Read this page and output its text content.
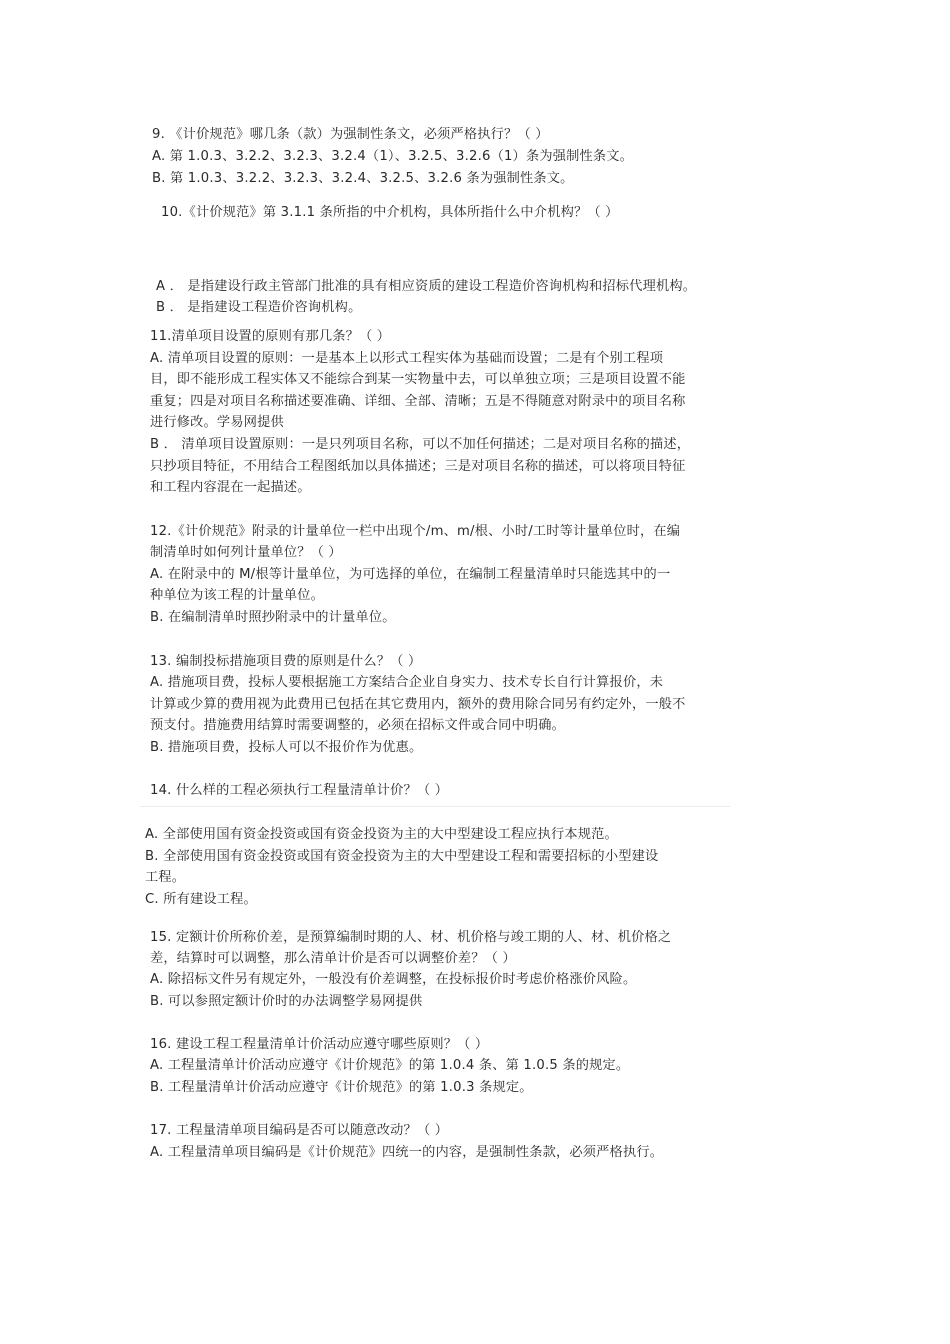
9. 《计价规范》哪几条（款）为强制性条文，必须严格执行？（ ）
A. 第 1.0.3、3.2.2、3.2.3、3.2.4（1）、3.2.5、3.2.6（1）条为强制性条文。
B. 第 1.0.3、3.2.2、3.2.3、3.2.4、3.2.5、3.2.6 条为强制性条文。
10.《计价规范》第 3.1.1 条所指的中介机构，具体所指什么中介机构？（ ）
A ． 是指建设行政主管部门批准的具有相应资质的建设工程造价咨询机构和招标代理机构。
B ． 是指建设工程造价咨询机构。
11.清单项目设置的原则有那几条？（ ）
A. 清单项目设置的原则：一是基本上以形式工程实体为基础而设置；二是有个别工程项
目，即不能形成工程实体又不能综合到某一实物量中去，可以单独立项；三是项目设置不能
重复；四是对项目名称描述要准确、详细、全部、清晰；五是不得随意对附录中的项目名称
进行修改。学易网提供
B ． 清单项目设置原则：一是只列项目名称，可以不加任何描述；二是对项目名称的描述，
只抄项目特征，不用结合工程图纸加以具体描述；三是对项目名称的描述，可以将项目特征
和工程内容混在一起描述。
12.《计价规范》附录的计量单位一栏中出现个/m、m/根、小时/工时等计量单位时，在编
制清单时如何列计量单位？（ ）
A. 在附录中的 M/根等计量单位，为可选择的单位，在编制工程量清单时只能选其中的一
种单位为该工程的计量单位。
B. 在编制清单时照抄附录中的计量单位。
13. 编制投标措施项目费的原则是什么？（ ）
A. 措施项目费，投标人要根据施工方案结合企业自身实力、技术专长自行计算报价，未
计算或少算的费用视为此费用已包括在其它费用内，额外的费用除合同另有约定外，一般不
预支付。措施费用结算时需要调整的，必须在招标文件或合同中明确。
B. 措施项目费，投标人可以不报价作为优惠。
14. 什么样的工程必须执行工程量清单计价？（ ）
A. 全部使用国有资金投资或国有资金投资为主的大中型建设工程应执行本规范。
B. 全部使用国有资金投资或国有资金投资为主的大中型建设工程和需要招标的小型建设
工程。
C. 所有建设工程。
15. 定额计价所称价差，是预算编制时期的人、材、机价格与竣工期的人、材、机价格之
差，结算时可以调整，那么清单计价是否可以调整价差？（ ）
A. 除招标文件另有规定外，一般没有价差调整，在投标报价时考虑价格涨价风险。
B. 可以参照定额计价时的办法调整学易网提供
16. 建设工程工程量清单计价活动应遵守哪些原则？（ ）
A. 工程量清单计价活动应遵守《计价规范》的第 1.0.4 条、第 1.0.5 条的规定。
B. 工程量清单计价活动应遵守《计价规范》的第 1.0.3 条规定。
17. 工程量清单项目编码是否可以随意改动？（ ）
A. 工程量清单项目编码是《计价规范》四统一的内容，是强制性条款，必须严格执行。
